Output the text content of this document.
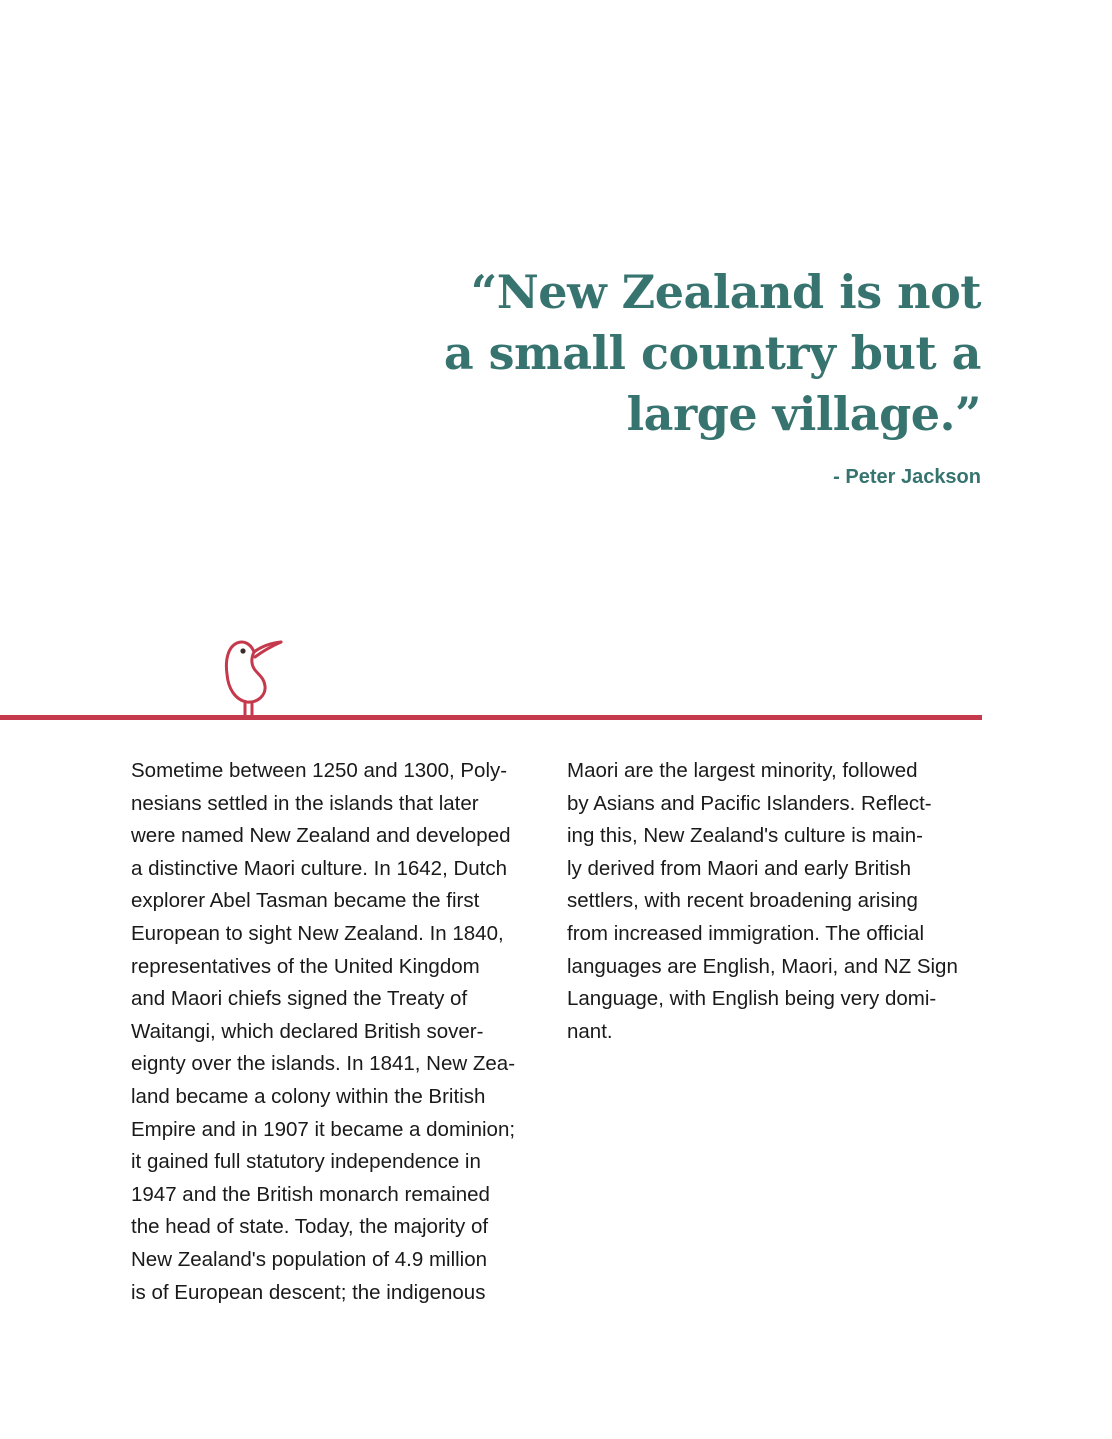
“New Zealand is not
a small country but a
large village.”
- Peter Jackson
Sometime between 1250 and 1300, Poly-
nesians settled in the islands that later
were named New Zealand and developed
a distinctive Maori culture. In 1642, Dutch
explorer Abel Tasman became the first
European to sight New Zealand. In 1840,
representatives of the United Kingdom
and Maori chiefs signed the Treaty of
Waitangi, which declared British sover-
eignty over the islands. In 1841, New Zea-
land became a colony within the British
Empire and in 1907 it became a dominion;
it gained full statutory independence in
1947 and the British monarch remained
the head of state. Today, the majority of
New Zealand's population of 4.9 million
is of European descent; the indigenous
Maori are the largest minority, followed
by Asians and Pacific Islanders. Reflect-
ing this, New Zealand's culture is main-
ly derived from Maori and early British
settlers, with recent broadening arising
from increased immigration. The official
languages are English, Maori, and NZ Sign
Language, with English being very domi-
nant.
